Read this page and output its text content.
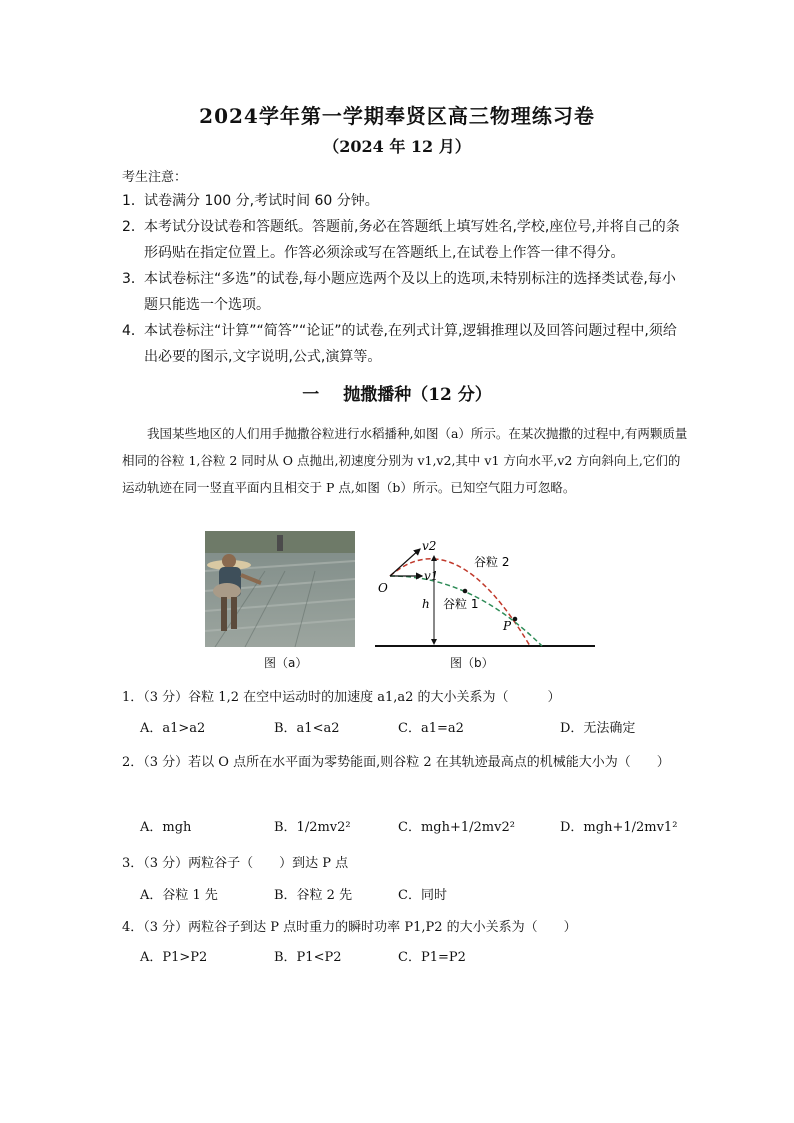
2024学年第一学期奉贤区高三物理练习卷
（2024 年 12 月）
考生注意：

1． 试卷满分 100 分,考试时间 60 分钟。

2． 本考试分设试卷和答题纸。答题前,务必在答题纸上填写姓名,学校,座位号,并将自己的条形码贴在指定位置上。作答必须涂或写在答题纸上,在试卷上作答一律不得分。

3． 本试卷标注“多选”的试卷,每小题应选两个及以上的选项,未特别标注的选择类试卷,每小题只能选一个选项。

4． 本试卷标注“计算”“简答”“论证”的试卷,在列式计算,逻辑推理以及回答问题过程中,须给出必要的图示,文字说明,公式,演算等。

一 抛撒播种（12 分）

我国某些地区的人们用手抛撒谷粒进行水稻播种,如图（a）所示。在某次抛撒的过程中,有两颗质量相同的谷粒 1,谷粒 2 同时从 O 点抛出,初速度分别为 v1,v2,其中 v1 方向水平,v2 方向斜向上,它们的运动轨迹在同一竖直平面内且相交于 P 点,如图（b）所示。已知空气阻力可忽略。

图（a）
v2
v1
O
h
P
谷粒 1
谷粒 2
图（b）
1．（3 分）谷粒 1,2 在空中运动时的加速度 a1,a2 的大小关系为（　　　）
A．a1>a2	B．a1<a2	C．a1=a2	D．无法确定
2．（3 分）若以 O 点所在水平面为零势能面,则谷粒 2 在其轨迹最高点的机械能大小为（　　）
A．mgh	B．1/2mv2²	C．mgh+1/2mv2²	D．mgh+1/2mv1²
3．（3 分）两粒谷子（　　）到达 P 点
A．谷粒 1 先	B．谷粒 2 先	C．同时
4．（3 分）两粒谷子到达 P 点时重力的瞬时功率 P1,P2 的大小关系为（　　）
A．P1>P2	B．P1<P2	C．P1=P2
